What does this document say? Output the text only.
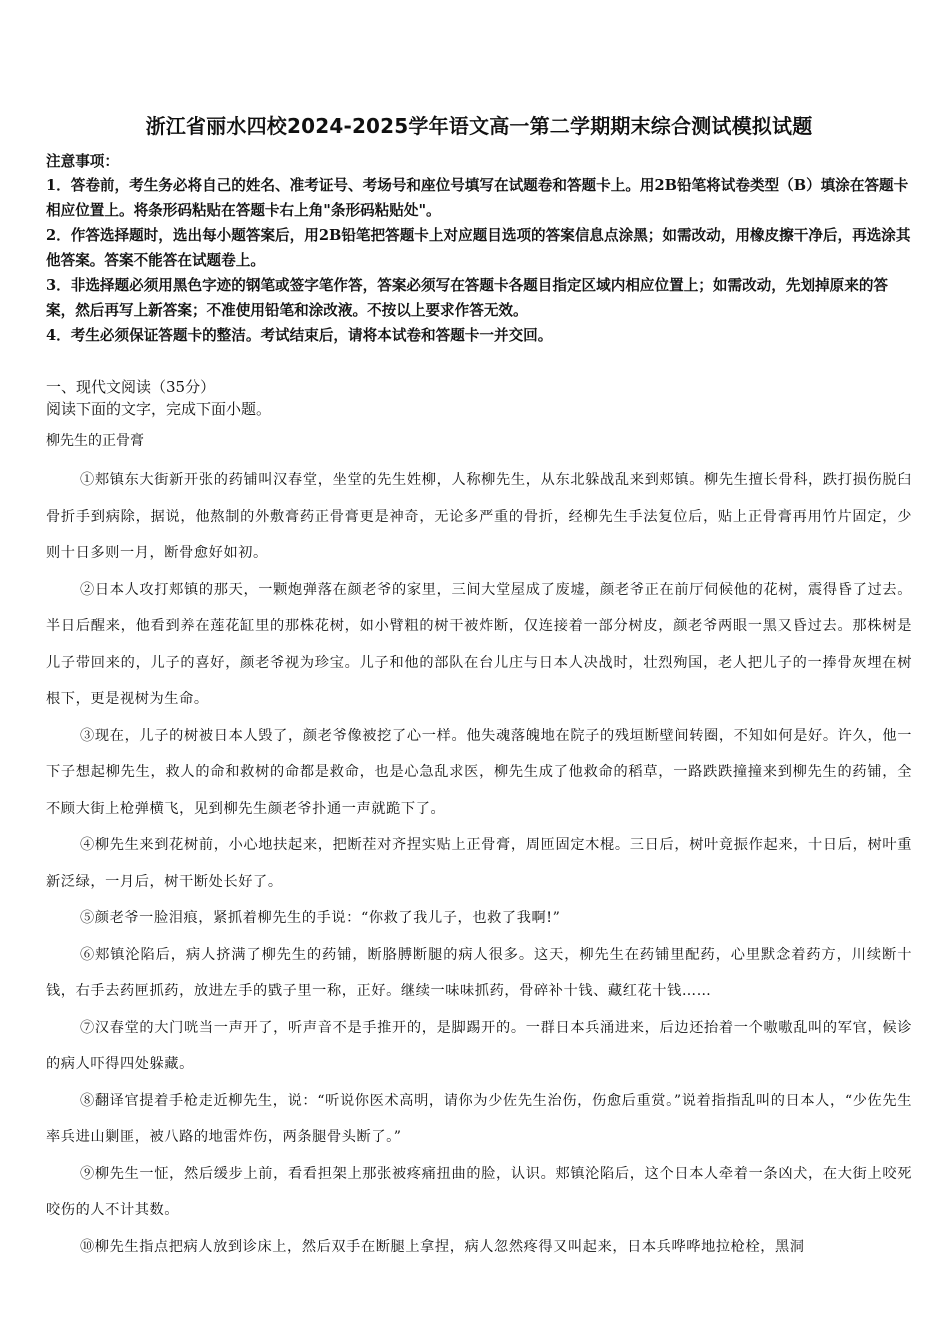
浙江省丽水四校2024-2025学年语文高一第二学期期末综合测试模拟试题
注意事项：
1．答卷前，考生务必将自己的姓名、准考证号、考场号和座位号填写在试题卷和答题卡上。用2B铅笔将试卷类型（B）填涂在答题卡相应位置上。将条形码粘贴在答题卡右上角"条形码粘贴处"。
2．作答选择题时，选出每小题答案后，用2B铅笔把答题卡上对应题目选项的答案信息点涂黑；如需改动，用橡皮擦干净后，再选涂其他答案。答案不能答在试题卷上。
3．非选择题必须用黑色字迹的钢笔或签字笔作答，答案必须写在答题卡各题目指定区域内相应位置上；如需改动，先划掉原来的答案，然后再写上新答案；不准使用铅笔和涂改液。不按以上要求作答无效。
4．考生必须保证答题卡的整洁。考试结束后，请将本试卷和答题卡一并交回。
一、现代文阅读（35分）
阅读下面的文字，完成下面小题。
柳先生的正骨膏

①郏镇东大街新开张的药铺叫汉春堂，坐堂的先生姓柳，人称柳先生，从东北躲战乱来到郏镇。柳先生擅长骨科，跌打损伤脱臼骨折手到病除，据说，他熬制的外敷膏药正骨膏更是神奇，无论多严重的骨折，经柳先生手法复位后，贴上正骨膏再用竹片固定，少则十日多则一月，断骨愈好如初。

②日本人攻打郏镇的那天，一颗炮弹落在颜老爷的家里，三间大堂屋成了废墟，颜老爷正在前厅伺候他的花树，震得昏了过去。半日后醒来，他看到养在莲花缸里的那株花树，如小臂粗的树干被炸断，仅连接着一部分树皮，颜老爷两眼一黑又昏过去。那株树是儿子带回来的，儿子的喜好，颜老爷视为珍宝。儿子和他的部队在台儿庄与日本人决战时，壮烈殉国，老人把儿子的一捧骨灰埋在树根下，更是视树为生命。

③现在，儿子的树被日本人毁了，颜老爷像被挖了心一样。他失魂落魄地在院子的残垣断壁间转圈，不知如何是好。许久，他一下子想起柳先生，救人的命和救树的命都是救命，也是心急乱求医，柳先生成了他救命的稻草，一路跌跌撞撞来到柳先生的药铺，全不顾大街上枪弹横飞，见到柳先生颜老爷扑通一声就跪下了。

④柳先生来到花树前，小心地扶起来，把断茬对齐捏实贴上正骨膏，周匝固定木棍。三日后，树叶竟振作起来，十日后，树叶重新泛绿，一月后，树干断处长好了。

⑤颜老爷一脸泪痕，紧抓着柳先生的手说：“你救了我儿子，也救了我啊!”

⑥郏镇沦陷后，病人挤满了柳先生的药铺，断胳膊断腿的病人很多。这天，柳先生在药铺里配药，心里默念着药方，川续断十钱，右手去药匣抓药，放进左手的戥子里一称，正好。继续一味味抓药，骨碎补十钱、藏红花十钱……

⑦汉春堂的大门咣当一声开了，听声音不是手推开的，是脚踢开的。一群日本兵涌进来，后边还抬着一个嗷嗷乱叫的军官，候诊的病人吓得四处躲藏。

⑧翻译官提着手枪走近柳先生，说：“听说你医术高明，请你为少佐先生治伤，伤愈后重赏。”说着指指乱叫的日本人，“少佐先生率兵进山剿匪，被八路的地雷炸伤，两条腿骨头断了。”

⑨柳先生一怔，然后缓步上前，看看担架上那张被疼痛扭曲的脸，认识。郏镇沦陷后，这个日本人牵着一条凶犬，在大街上咬死咬伤的人不计其数。

⑩柳先生指点把病人放到诊床上，然后双手在断腿上拿捏，病人忽然疼得又叫起来，日本兵哗哗地拉枪栓，黑洞
